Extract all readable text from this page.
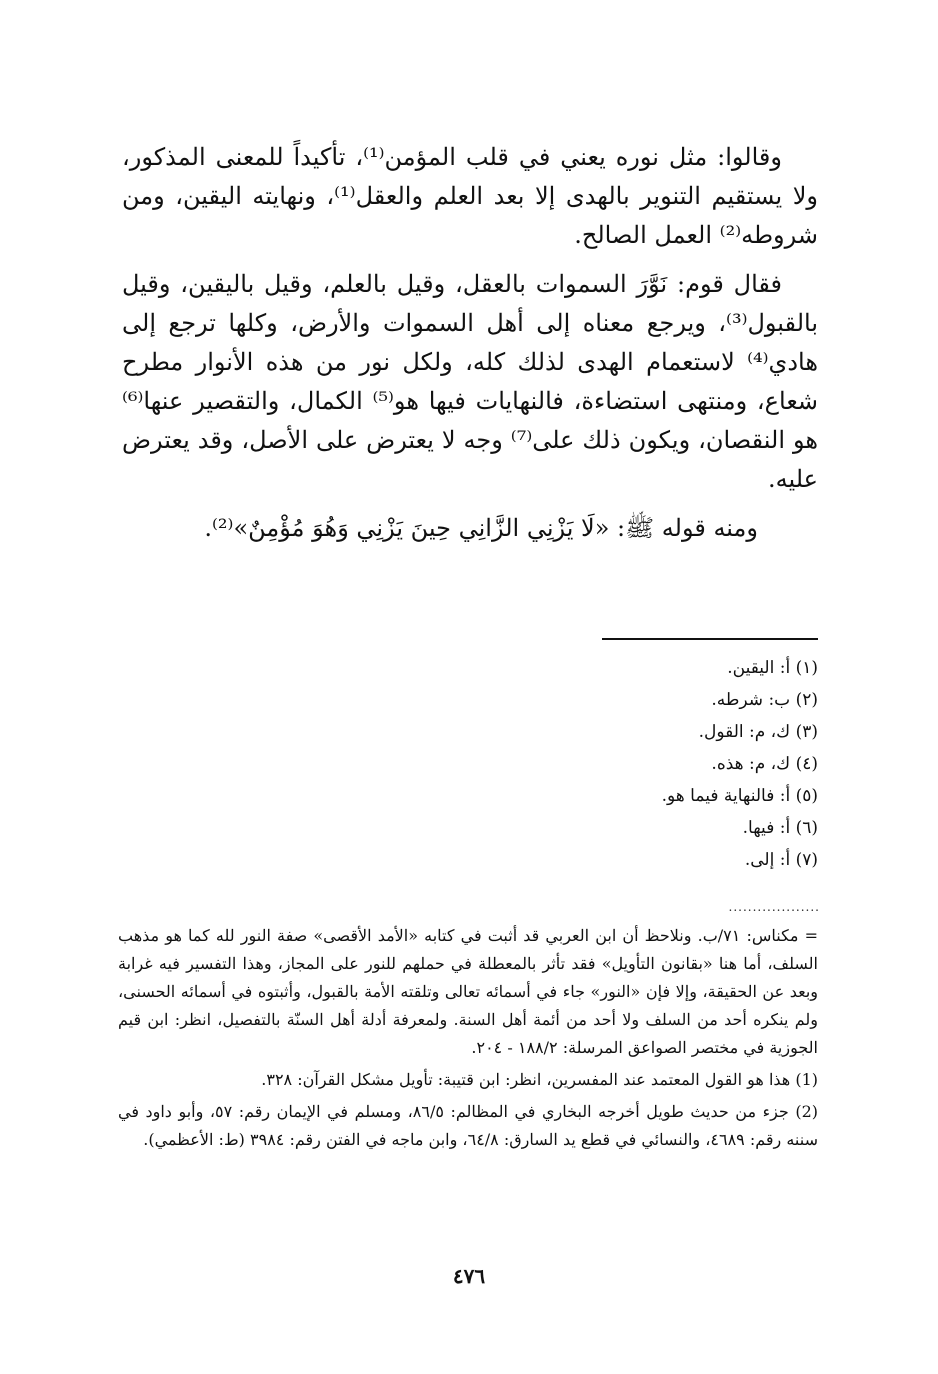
وقالوا: مثل نوره يعني في قلب المؤمن⁽¹⁾، تأكيداً للمعنى المذكور، ولا يستقيم التنوير بالهدى إلا بعد العلم والعقل⁽¹⁾، ونهايته اليقين، ومن شروطه⁽²⁾ العمل الصالح.

فقال قوم: نَوَّرَ السموات بالعقل، وقيل بالعلم، وقيل باليقين، وقيل بالقبول⁽³⁾، ويرجع معناه إلى أهل السموات والأرض، وكلها ترجع إلى هادي⁽⁴⁾ لاستعمام الهدى لذلك كله، ولكل نور من هذه الأنوار مطرح شعاع، ومنتهى استضاءة، فالنهايات فيها هو⁽⁵⁾ الكمال، والتقصير عنها⁽⁶⁾ هو النقصان، ويكون ذلك على⁽⁷⁾ وجه لا يعترض على الأصل، وقد يعترض عليه.

ومنه قوله ﷺ: «لَا يَزْنِي الزَّانِي حِينَ يَزْنِي وَهُوَ مُؤْمِنٌ»⁽²⁾.

(١) أ: اليقين.
(٢) ب: شرطه.
(٣) ك، م: القول.
(٤) ك، م: هذه.
(٥) أ: فالنهاية فيما هو.
(٦) أ: فيها.
(٧) أ: إلى.
...................

= مكناس: ٧١/ب. ونلاحظ أن ابن العربي قد أثبت في كتابه «الأمد الأقصى» صفة النور لله كما هو مذهب السلف، أما هنا «بقانون التأويل» فقد تأثر بالمعطلة في حملهم للنور على المجاز، وهذا التفسير فيه غرابة وبعد عن الحقيقة، وإلا فإن «النور» جاء في أسمائه تعالى وتلقته الأمة بالقبول، وأثبتوه في أسمائه الحسنى، ولم ينكره أحد من السلف ولا أحد من أئمة أهل السنة. ولمعرفة أدلة أهل السنّة بالتفصيل، انظر: ابن قيم الجوزية في مختصر الصواعق المرسلة: ١٨٨/٢ - ٢٠٤.

(1) هذا هو القول المعتمد عند المفسرين، انظر: ابن قتيبة: تأويل مشكل القرآن: ٣٢٨.

(2) جزء من حديث طويل أخرجه البخاري في المظالم: ٨٦/٥، ومسلم في الإيمان رقم: ٥٧، وأبو داود في سننه رقم: ٤٦٨٩، والنسائي في قطع يد السارق: ٦٤/٨، وابن ماجه في الفتن رقم: ٣٩٨٤ (ط: الأعظمي).

٤٧٦
